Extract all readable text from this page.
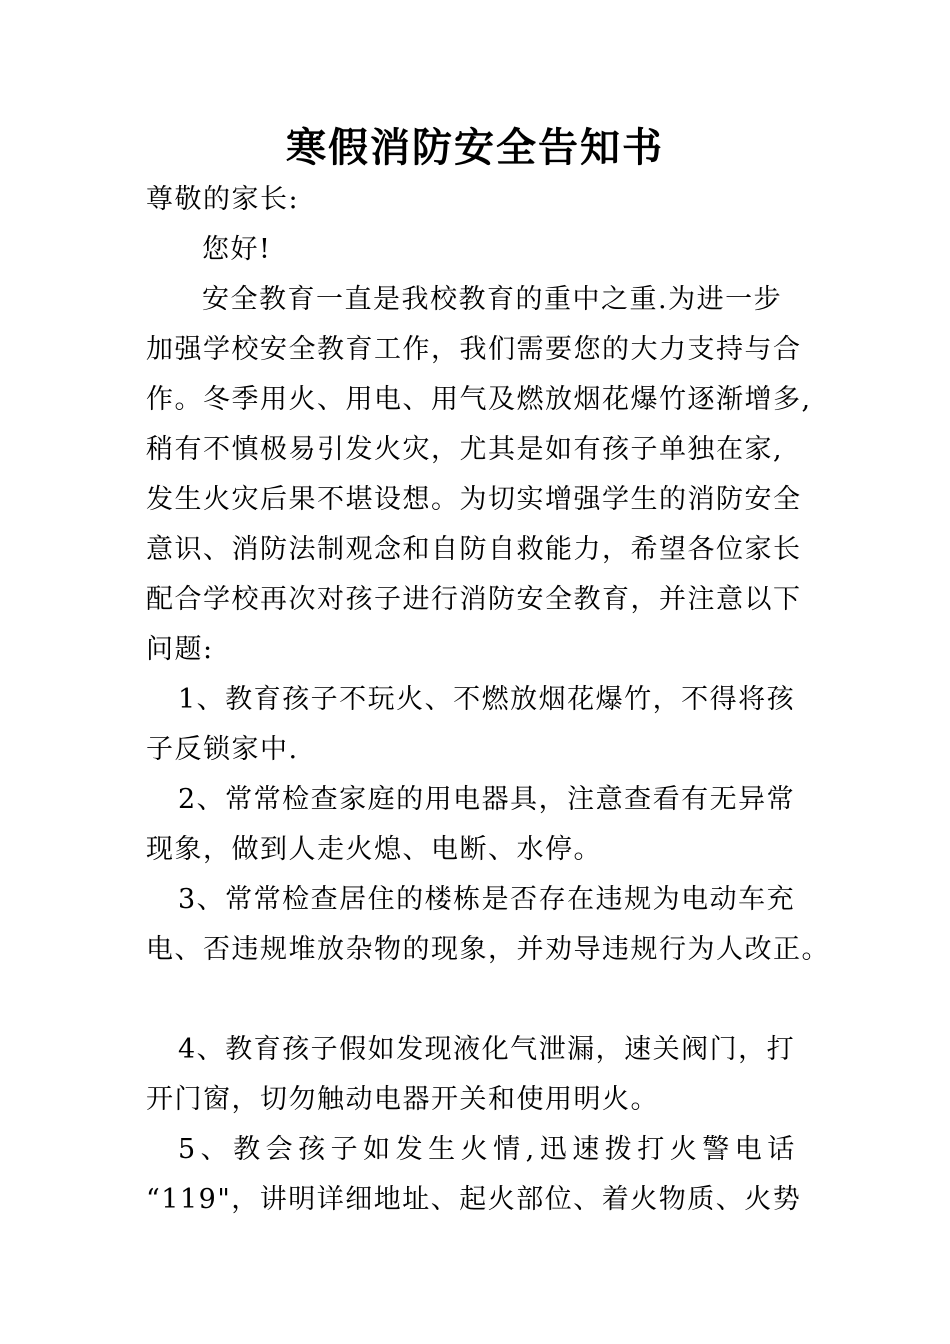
寒假消防安全告知书
尊敬的家长:
您好!
安全教育一直是我校教育的重中之重.为进一步
加强学校安全教育工作，我们需要您的大力支持与合
作。冬季用火、用电、用气及燃放烟花爆竹逐渐增多,
稍有不慎极易引发火灾，尤其是如有孩子单独在家,
发生火灾后果不堪设想。为切实增强学生的消防安全
意识、消防法制观念和自防自救能力，希望各位家长
配合学校再次对孩子进行消防安全教育，并注意以下
问题:
1、教育孩子不玩火、不燃放烟花爆竹，不得将孩
子反锁家中.
2、常常检查家庭的用电器具，注意查看有无异常
现象，做到人走火熄、电断、水停。
3、常常检查居住的楼栋是否存在违规为电动车充
电、否违规堆放杂物的现象，并劝导违规行为人改正。
4、教育孩子假如发现液化气泄漏，速关阀门，打
开门窗，切勿触动电器开关和使用明火。
5、教会孩子如发生火情,迅速拨打火警电话
“119"，讲明详细地址、起火部位、着火物质、火势
